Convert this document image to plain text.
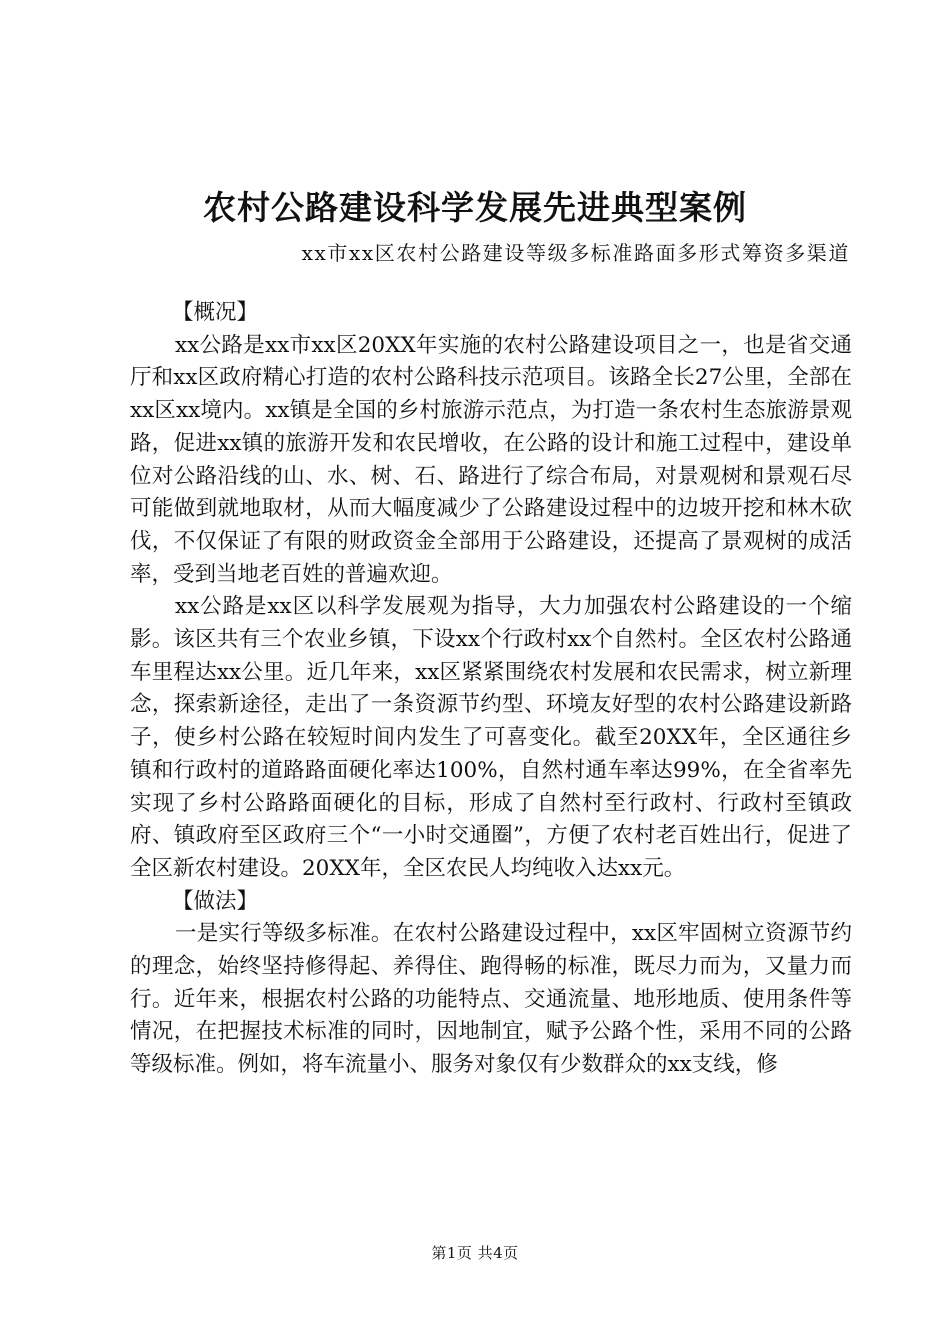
农村公路建设科学发展先进典型案例

xx市xx区农村公路建设等级多标准路面多形式筹资多渠道

【概况】

xx公路是xx市xx区20XX年实施的农村公路建设项目之一，也是省交通厅和xx区政府精心打造的农村公路科技示范项目。该路全长27公里，全部在xx区xx境内。xx镇是全国的乡村旅游示范点，为打造一条农村生态旅游景观路，促进xx镇的旅游开发和农民增收，在公路的设计和施工过程中，建设单位对公路沿线的山、水、树、石、路进行了综合布局，对景观树和景观石尽可能做到就地取材，从而大幅度减少了公路建设过程中的边坡开挖和林木砍伐，不仅保证了有限的财政资金全部用于公路建设，还提高了景观树的成活率，受到当地老百姓的普遍欢迎。

xx公路是xx区以科学发展观为指导，大力加强农村公路建设的一个缩影。该区共有三个农业乡镇，下设xx个行政村xx个自然村。全区农村公路通车里程达xx公里。近几年来，xx区紧紧围绕农村发展和农民需求，树立新理念，探索新途径，走出了一条资源节约型、环境友好型的农村公路建设新路子，使乡村公路在较短时间内发生了可喜变化。截至20XX年，全区通往乡镇和行政村的道路路面硬化率达100%，自然村通车率达99%，在全省率先实现了乡村公路路面硬化的目标，形成了自然村至行政村、行政村至镇政府、镇政府至区政府三个“一小时交通圈”，方便了农村老百姓出行，促进了全区新农村建设。20XX年，全区农民人均纯收入达xx元。

【做法】

一是实行等级多标准。在农村公路建设过程中，xx区牢固树立资源节约的理念，始终坚持修得起、养得住、跑得畅的标准，既尽力而为，又量力而行。近年来，根据农村公路的功能特点、交通流量、地形地质、使用条件等情况，在把握技术标准的同时，因地制宜，赋予公路个性，采用不同的公路等级标准。例如，将车流量小、服务对象仅有少数群众的xx支线，修

第1页 共4页
